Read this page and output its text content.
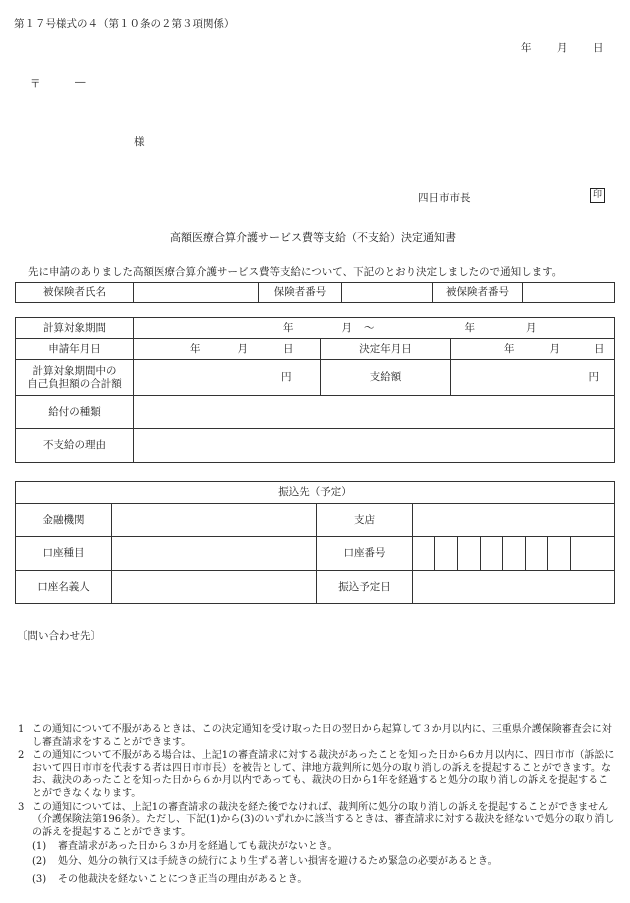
第１７号様式の４（第１０条の２第３項関係）
年 月 日
〒	―
様
四日市市長	印
高額医療合算介護サービス費等支給（不支給）決定通知書
先に申請のありました高額医療合算介護サービス費等支給について、下記のとおり決定しましたので通知します。
被保険者氏名		保険者番号		被保険者番号	
計算対象期間	年 月 ～ 年 月		
申請年月日	年 月 日	決定年月日	年 月 日

計算対象期間中の
自己負担額の合計額	円	支給額	円
給付の種類			
不支給の理由			
振込先（予定）										
金融機関		支店								
口座種目		口座番号								
口座名義人		振込予定日								
〔問い合わせ先〕
1 この通知について不服があるときは、この決定通知を受け取った日の翌日から起算して３か月以内に、三重県介護保険審査会に対し審査請求をすることができます。
2 この通知について不服がある場合は、上記1の審査請求に対する裁決があったことを知った日から6カ月以内に、四日市市（訴訟において四日市市を代表する者は四日市市長）を被告として、津地方裁判所に処分の取り消しの訴えを提起することができます。なお、裁決のあったことを知った日から６か月以内であっても、裁決の日から1年を経過すると処分の取り消しの訴えを提起することができなくなります。
3 この通知については、上記1の審査請求の裁決を経た後でなければ、裁判所に処分の取り消しの訴えを提起することができません（介護保険法第196条）。ただし、下記(1)から(3)のいずれかに該当するときは、審査請求に対する裁決を経ないで処分の取り消しの訴えを提起することができます。
(1)	審査請求があった日から３か月を経過しても裁決がないとき。
(2)	処分、処分の執行又は手続きの続行により生ずる著しい損害を避けるため緊急の必要があるとき。
(3)	その他裁決を経ないことにつき正当の理由があるとき。
